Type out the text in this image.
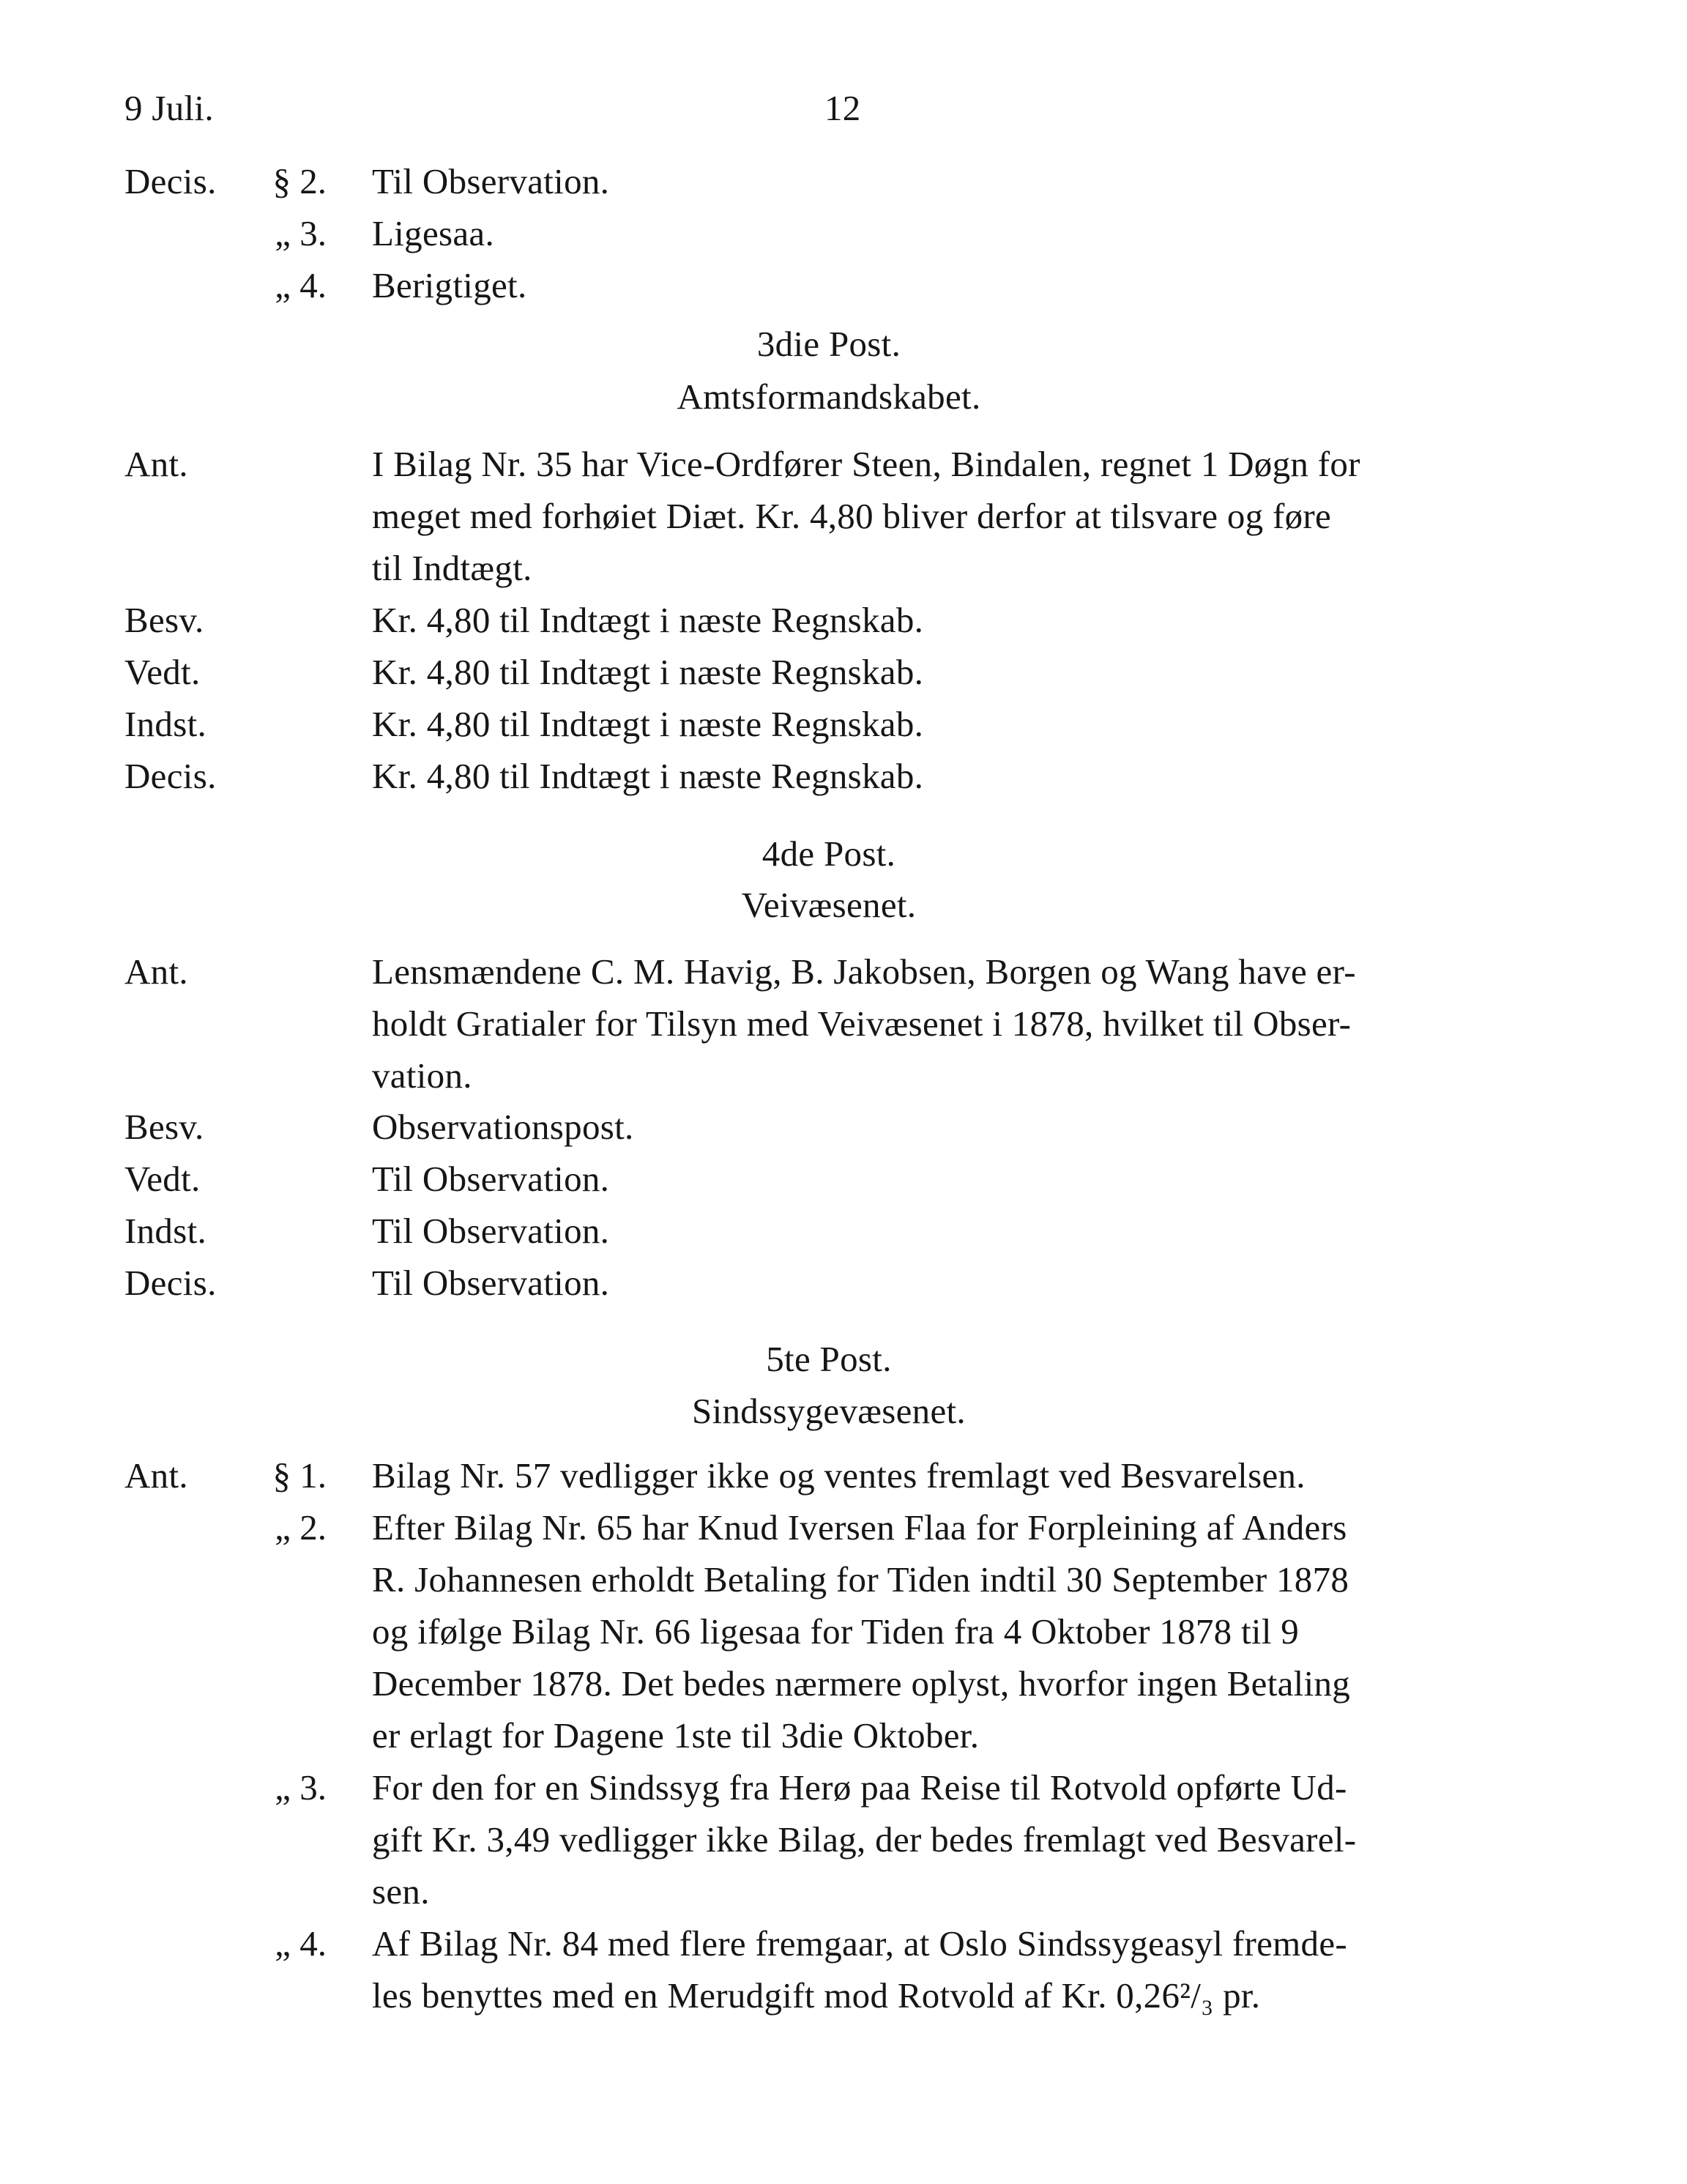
9 Juli.	12
Decis.	§ 2. Til Observation.
„ 3. Ligesaa.
„ 4. Berigtiget.
3die Post.
Amtsformandskabet.
Ant.	I Bilag Nr. 35 har Vice-Ordfører Steen, Bindalen, regnet 1 Døgn for
meget med forhøiet Diæt. Kr. 4,80 bliver derfor at tilsvare og føre
til Indtægt.
Besv.	Kr. 4,80 til Indtægt i næste Regnskab.
Vedt.	Kr. 4,80 til Indtægt i næste Regnskab.
Indst.	Kr. 4,80 til Indtægt i næste Regnskab.
Decis.	Kr. 4,80 til Indtægt i næste Regnskab.
4de Post.
Veivæsenet.
Ant.	Lensmændene C. M. Havig, B. Jakobsen, Borgen og Wang have er-
holdt Gratialer for Tilsyn med Veivæsenet i 1878, hvilket til Obser-
vation.
Besv.	Observationspost.
Vedt.	Til Observation.
Indst.	Til Observation.
Decis.	Til Observation.
5te Post.
Sindssygevæsenet.
Ant.	§ 1. Bilag Nr. 57 vedligger ikke og ventes fremlagt ved Besvarelsen.
„ 2. Efter Bilag Nr. 65 har Knud Iversen Flaa for Forpleining af Anders
R. Johannesen erholdt Betaling for Tiden indtil 30 September 1878
og ifølge Bilag Nr. 66 ligesaa for Tiden fra 4 Oktober 1878 til 9
December 1878. Det bedes nærmere oplyst, hvorfor ingen Betaling
er erlagt for Dagene 1ste til 3die Oktober.
„ 3. For den for en Sindssyg fra Herø paa Reise til Rotvold opførte Ud-
gift Kr. 3,49 vedligger ikke Bilag, der bedes fremlagt ved Besvarel-
sen.
„ 4. Af Bilag Nr. 84 med flere fremgaar, at Oslo Sindssygeasyl fremde-
les benyttes med en Merudgift mod Rotvold af Kr. 0,26²/₃ pr.
